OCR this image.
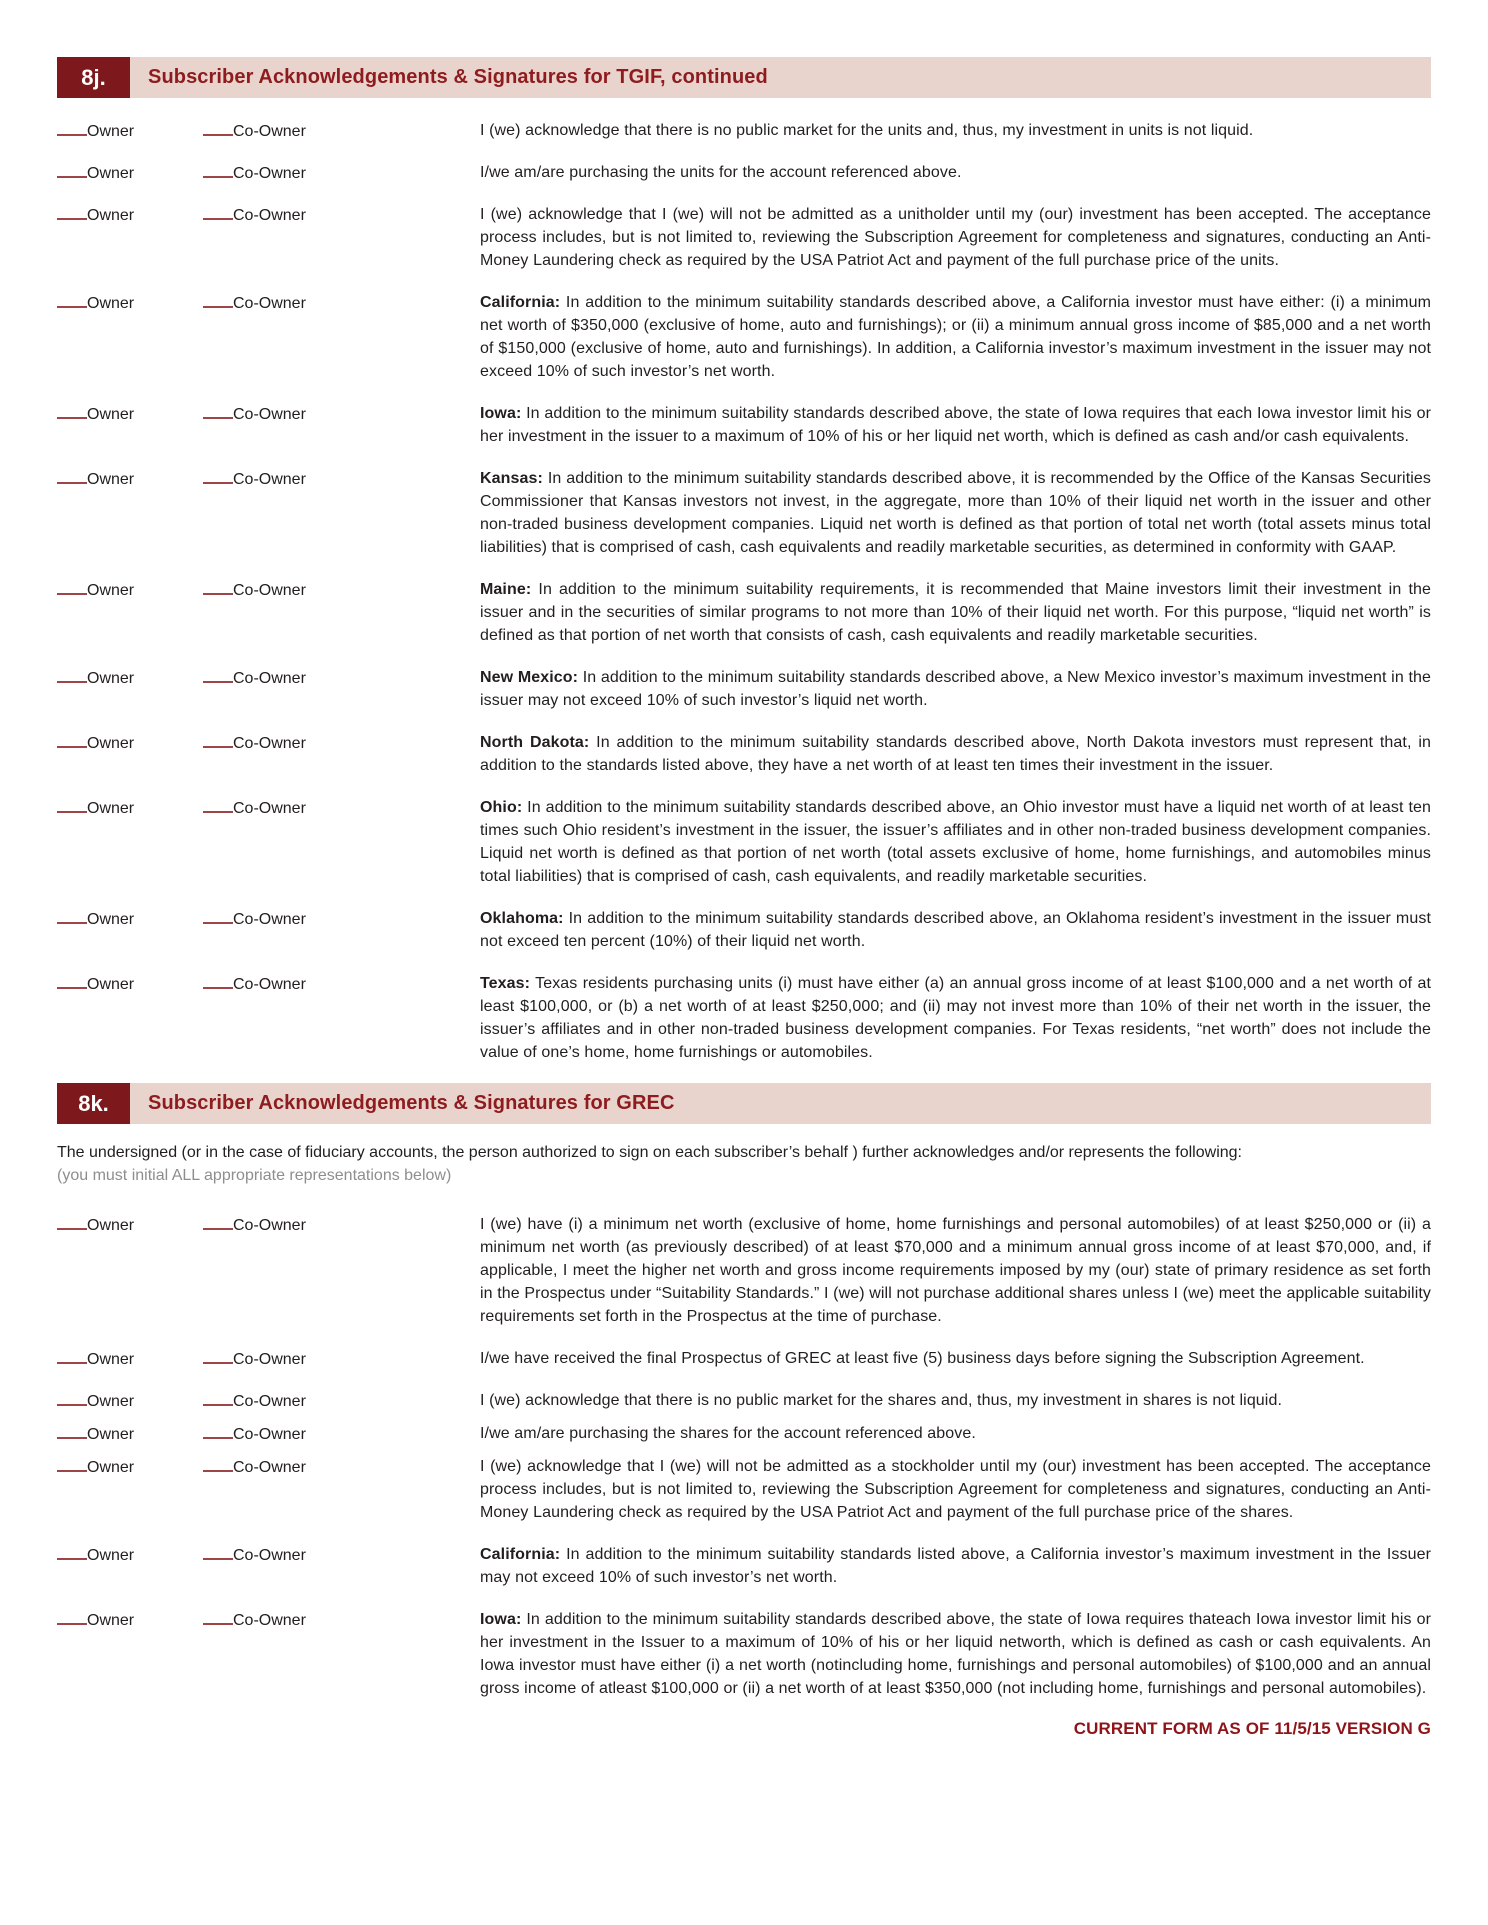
8j.	Subscriber Acknowledgements & Signatures for TGIF, continued
Owner	Co-Owner	I (we) acknowledge that there is no public market for the units and, thus, my investment in units is not liquid.
Owner	Co-Owner	I/we am/are purchasing the units for the account referenced above.
Owner	Co-Owner	I (we) acknowledge that I (we) will not be admitted as a unitholder until my (our) investment has been accepted. The acceptance process includes, but is not limited to, reviewing the Subscription Agreement for completeness and signatures, conducting an Anti-Money Laundering check as required by the USA Patriot Act and payment of the full purchase price of the units.
Owner	Co-Owner	California: In addition to the minimum suitability standards described above, a California investor must have either: (i) a minimum net worth of $350,000 (exclusive of home, auto and furnishings); or (ii) a minimum annual gross income of $85,000 and a net worth of $150,000 (exclusive of home, auto and furnishings). In addition, a California investor’s maximum investment in the issuer may not exceed 10% of such investor’s net worth.
Owner	Co-Owner	Iowa: In addition to the minimum suitability standards described above, the state of Iowa requires that each Iowa investor limit his or her investment in the issuer to a maximum of 10% of his or her liquid net worth, which is defined as cash and/or cash equivalents.
Owner	Co-Owner	Kansas: In addition to the minimum suitability standards described above, it is recommended by the Office of the Kansas Securities Commissioner that Kansas investors not invest, in the aggregate, more than 10% of their liquid net worth in the issuer and other non-traded business development companies. Liquid net worth is defined as that portion of total net worth (total assets minus total liabilities) that is comprised of cash, cash equivalents and readily marketable securities, as determined in conformity with GAAP.
Owner	Co-Owner	Maine: In addition to the minimum suitability requirements, it is recommended that Maine investors limit their investment in the issuer and in the securities of similar programs to not more than 10% of their liquid net worth. For this purpose, “liquid net worth” is defined as that portion of net worth that consists of cash, cash equivalents and readily marketable securities.
Owner	Co-Owner	New Mexico: In addition to the minimum suitability standards described above, a New Mexico investor’s maximum investment in the issuer may not exceed 10% of such investor’s liquid net worth.
Owner	Co-Owner	North Dakota: In addition to the minimum suitability standards described above, North Dakota investors must represent that, in addition to the standards listed above, they have a net worth of at least ten times their investment in the issuer.
Owner	Co-Owner	Ohio: In addition to the minimum suitability standards described above, an Ohio investor must have a liquid net worth of at least ten times such Ohio resident’s investment in the issuer, the issuer’s affiliates and in other non-traded business development companies. Liquid net worth is defined as that portion of net worth (total assets exclusive of home, home furnishings, and automobiles minus total liabilities) that is comprised of cash, cash equivalents, and readily marketable securities.
Owner	Co-Owner	Oklahoma: In addition to the minimum suitability standards described above, an Oklahoma resident’s investment in the issuer must not exceed ten percent (10%) of their liquid net worth.
Owner	Co-Owner	Texas: Texas residents purchasing units (i) must have either (a) an annual gross income of at least $100,000 and a net worth of at least $100,000, or (b) a net worth of at least $250,000; and (ii) may not invest more than 10% of their net worth in the issuer, the issuer’s affiliates and in other non-traded business development companies. For Texas residents, “net worth” does not include the value of one’s home, home furnishings or automobiles.
8k.	Subscriber Acknowledgements & Signatures for GREC
The undersigned (or in the case of fiduciary accounts, the person authorized to sign on each subscriber’s behalf ) further acknowledges and/or represents the following:
(you must initial ALL appropriate representations below)
Owner	Co-Owner	I (we) have (i) a minimum net worth (exclusive of home, home furnishings and personal automobiles) of at least $250,000 or (ii) a minimum net worth (as previously described) of at least $70,000 and a minimum annual gross income of at least $70,000, and, if applicable, I meet the higher net worth and gross income requirements imposed by my (our) state of primary residence as set forth in the Prospectus under “Suitability Standards.” I (we) will not purchase additional shares unless I (we) meet the applicable suitability requirements set forth in the Prospectus at the time of purchase.
Owner	Co-Owner	I/we have received the final Prospectus of GREC at least five (5) business days before signing the Subscription Agreement.
Owner	Co-Owner	I (we) acknowledge that there is no public market for the shares and, thus, my investment in shares is not liquid.
Owner	Co-Owner	I/we am/are purchasing the shares for the account referenced above.
Owner	Co-Owner	I (we) acknowledge that I (we) will not be admitted as a stockholder until my (our) investment has been accepted. The acceptance process includes, but is not limited to, reviewing the Subscription Agreement for completeness and signatures, conducting an Anti-Money Laundering check as required by the USA Patriot Act and payment of the full purchase price of the shares.
Owner	Co-Owner	California: In addition to the minimum suitability standards listed above, a California investor’s maximum investment in the Issuer may not exceed 10% of such investor’s net worth.
Owner	Co-Owner	Iowa: In addition to the minimum suitability standards described above, the state of Iowa requires thateach Iowa investor limit his or her investment in the Issuer to a maximum of 10% of his or her liquid networth, which is defined as cash or cash equivalents. An Iowa investor must have either (i) a net worth (notincluding home, furnishings and personal automobiles) of $100,000 and an annual gross income of atleast $100,000 or (ii) a net worth of at least $350,000 (not including home, furnishings and personal automobiles).
CURRENT FORM AS OF 11/5/15 VERSION G
